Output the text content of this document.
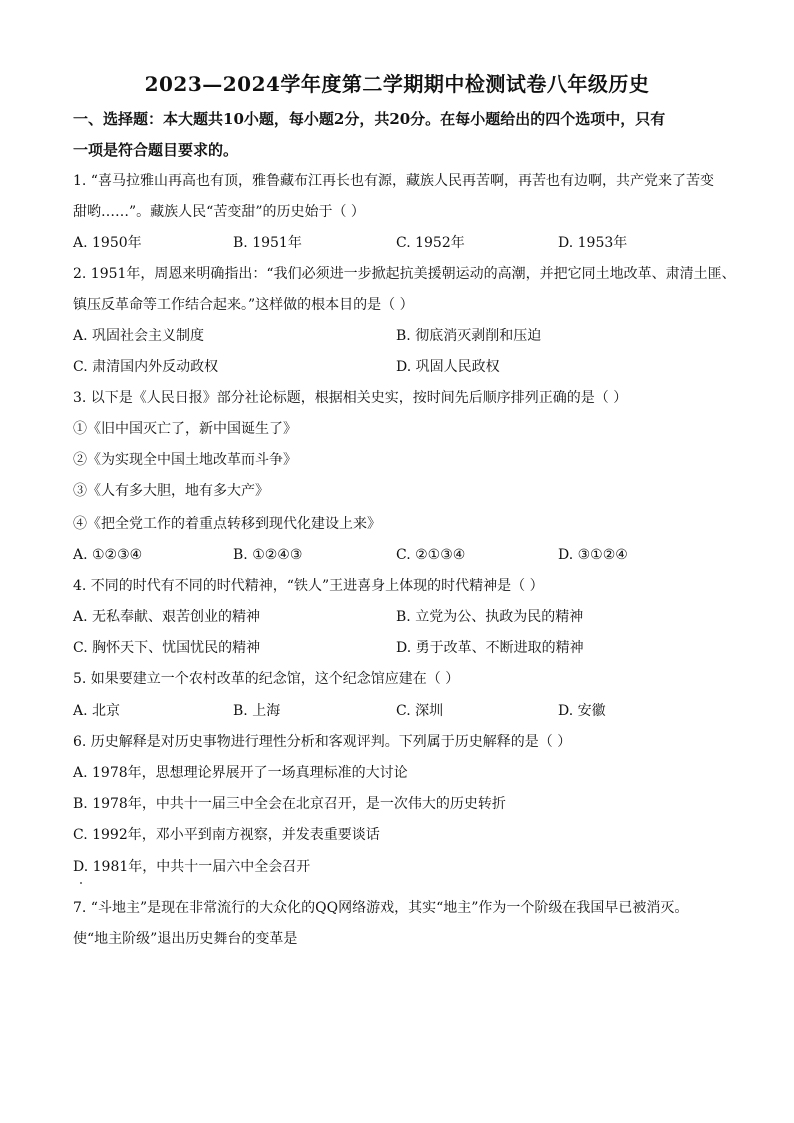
2023—2024学年度第二学期期中检测试卷八年级历史
一、选择题：本大题共10小题，每小题2分，共20分。在每小题给出的四个选项中，只有
一项是符合题目要求的。
1. “喜马拉雅山再高也有顶，雅鲁藏布江再长也有源，藏族人民再苦啊，再苦也有边啊，共产党来了苦变
甜哟……”。藏族人民“苦变甜”的历史始于（ ）
A. 1950年	B. 1951年	C. 1952年	D. 1953年
2. 1951年，周恩来明确指出：“我们必须进一步掀起抗美援朝运动的高潮，并把它同土地改革、肃清土匪、
镇压反革命等工作结合起来。”这样做的根本目的是（ ）
A. 巩固社会主义制度	B. 彻底消灭剥削和压迫
C. 肃清国内外反动政权	D. 巩固人民政权
3. 以下是《人民日报》部分社论标题，根据相关史实，按时间先后顺序排列正确的是（ ）
①《旧中国灭亡了，新中国诞生了》
②《为实现全中国土地改革而斗争》
③《人有多大胆，地有多大产》
④《把全党工作的着重点转移到现代化建设上来》
A. ①②③④	B. ①②④③	C. ②①③④	D. ③①②④
4. 不同的时代有不同的时代精神，“铁人”王进喜身上体现的时代精神是（ ）
A. 无私奉献、艰苦创业的精神	B. 立党为公、执政为民的精神
C. 胸怀天下、忧国忧民的精神	D. 勇于改革、不断进取的精神
5. 如果要建立一个农村改革的纪念馆，这个纪念馆应建在（ ）
A. 北京	B. 上海	C. 深圳	D. 安徽
6. 历史解释是对历史事物进行理性分析和客观评判。下列属于历史解释的是（ ）
A. 1978年，思想理论界展开了一场真理标准的大讨论
B. 1978年，中共十一届三中全会在北京召开，是一次伟大的历史转折
C. 1992年，邓小平到南方视察，并发表重要谈话
D. 1981年，中共十一届六中全会召开
7. “斗地主”是现在非常流行的大众化的QQ网络游戏，其实“地主”作为一个阶级在我国早已被消灭。
使“地主阶级”退出历史舞台的变革是
